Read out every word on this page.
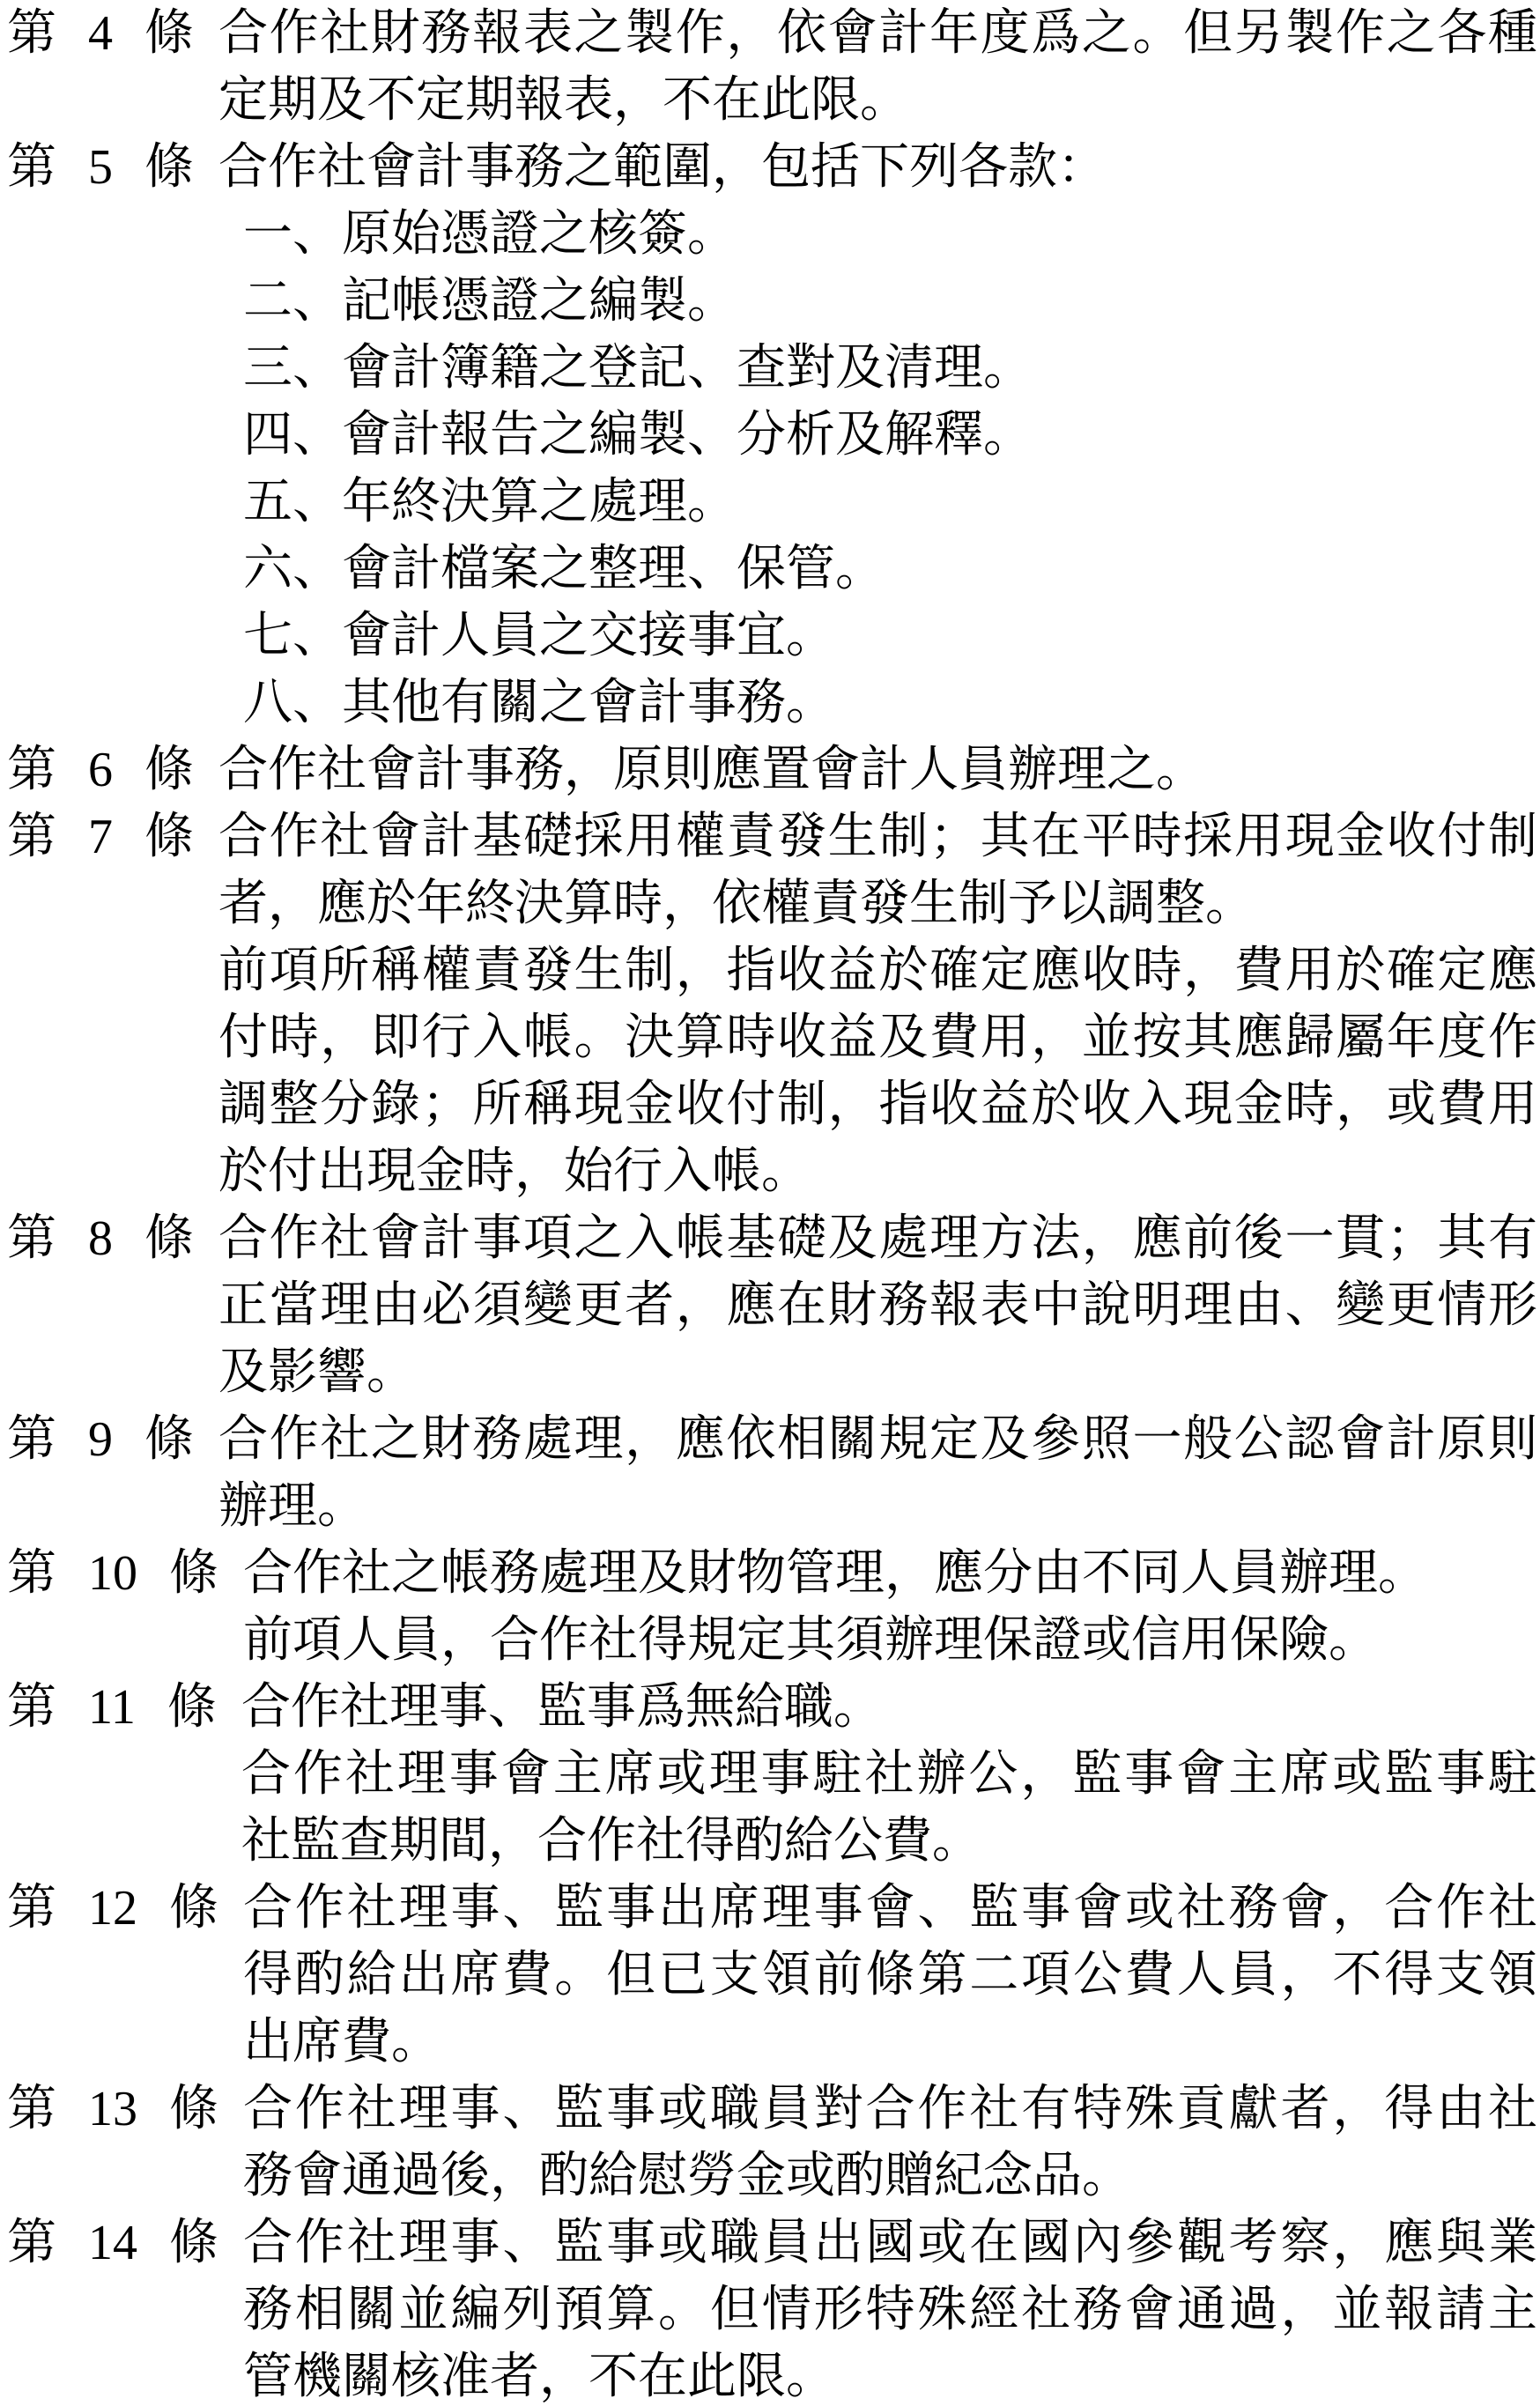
第 4 條 合作社財務報表之製作，依會計年度爲之。但另製作之各種
定期及不定期報表，不在此限。
第 5 條 合作社會計事務之範圍，包括下列各款：
一、原始憑證之核簽。
二、記帳憑證之編製。
三、會計簿籍之登記、查對及清理。
四、會計報告之編製、分析及解釋。
五、年終決算之處理。
六、會計檔案之整理、保管。
七、會計人員之交接事宜。
八、其他有關之會計事務。
第 6 條 合作社會計事務，原則應置會計人員辦理之。
第 7 條 合作社會計基礎採用權責發生制；其在平時採用現金收付制
者，應於年終決算時，依權責發生制予以調整。
前項所稱權責發生制，指收益於確定應收時，費用於確定應
付時，即行入帳。決算時收益及費用，並按其應歸屬年度作
調整分錄；所稱現金收付制，指收益於收入現金時，或費用
於付出現金時，始行入帳。
第 8 條 合作社會計事項之入帳基礎及處理方法，應前後一貫；其有
正當理由必須變更者，應在財務報表中說明理由、變更情形
及影響。
第 9 條 合作社之財務處理，應依相關規定及參照一般公認會計原則
辦理。
第 10 條 合作社之帳務處理及財物管理，應分由不同人員辦理。
前項人員，合作社得規定其須辦理保證或信用保險。
第 11 條 合作社理事、監事爲無給職。
合作社理事會主席或理事駐社辦公，監事會主席或監事駐
社監查期間，合作社得酌給公費。
第 12 條 合作社理事、監事出席理事會、監事會或社務會，合作社
得酌給出席費。但已支領前條第二項公費人員，不得支領
出席費。
第 13 條 合作社理事、監事或職員對合作社有特殊貢獻者，得由社
務會通過後，酌給慰勞金或酌贈紀念品。
第 14 條 合作社理事、監事或職員出國或在國內參觀考察，應與業
務相關並編列預算。但情形特殊經社務會通過，並報請主
管機關核准者，不在此限。
